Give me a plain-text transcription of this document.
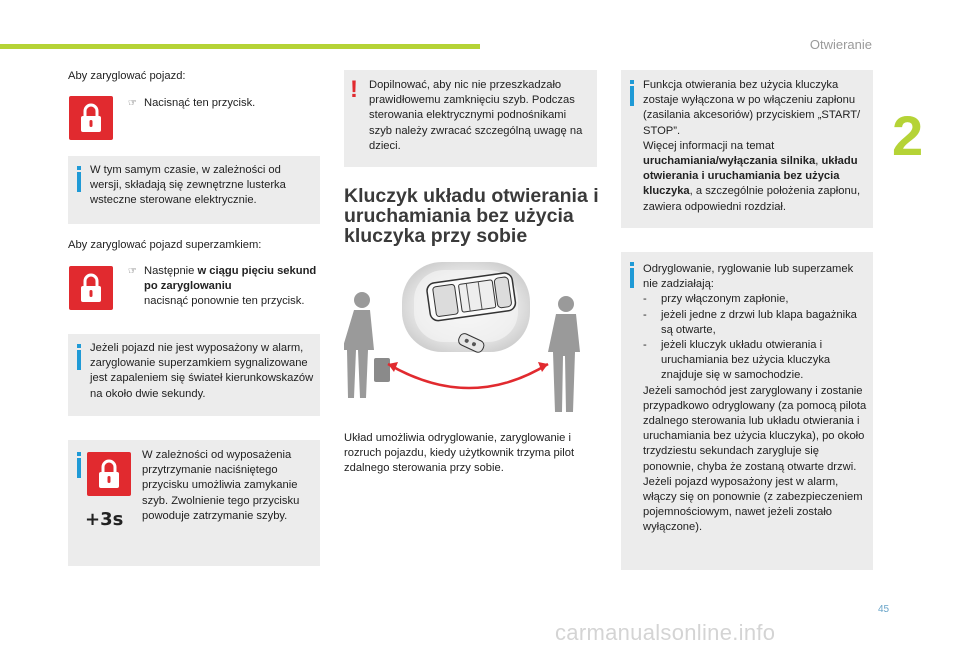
Otwieranie
2
45
carmanualsonline.info
Aby zaryglować pojazd:
☞ Nacisnąć ten przycisk.
W tym samym czasie, w zależności od wersji, składają się zewnętrzne lusterka wsteczne sterowane elektrycznie.
Aby zaryglować pojazd superzamkiem:
☞ Następnie w ciągu pięciu sekund po zaryglowaniu
nacisnąć ponownie ten przycisk.
Jeżeli pojazd nie jest wyposażony w alarm, zaryglowanie superzamkiem sygnalizowane jest zapaleniem się świateł kierunkowskazów na około dwie sekundy.
+3s
W zależności od wyposażenia przytrzymanie naciśniętego przycisku umożliwia zamykanie szyb. Zwolnienie tego przycisku powoduje zatrzymanie szyby.
! Dopilnować, aby nic nie przeszkadzało prawidłowemu zamknięciu szyb. Podczas sterowania elektrycznymi podnośnikami szyb należy zwracać szczególną uwagę na dzieci.
Kluczyk układu otwierania i uruchamiania bez użycia kluczyka przy sobie
Układ umożliwia odryglowanie, zaryglowanie i rozruch pojazdu, kiedy użytkownik trzyma pilot zdalnego sterowania przy sobie.
Funkcja otwierania bez użycia kluczyka zostaje wyłączona w po włączeniu zapłonu (zasilania akcesoriów) przyciskiem „START/ STOP”.
Więcej informacji na temat
uruchamiania/wyłączania silnika, układu otwierania i uruchamiania bez użycia kluczyka, a szczególnie położenia zapłonu, zawiera odpowiedni rozdział.
Odryglowanie, ryglowanie lub superzamek nie zadziałają:
-	przy włączonym zapłonie,
-	jeżeli jedne z drzwi lub klapa bagażnika są otwarte,
-	jeżeli kluczyk układu otwierania i uruchamiania bez użycia kluczyka znajduje się w samochodzie.
Jeżeli samochód jest zaryglowany i zostanie przypadkowo odryglowany (za pomocą pilota zdalnego sterowania lub układu otwierania i uruchamiania bez użycia kluczyka), po około trzydziestu sekundach zarygluje się ponownie, chyba że zostaną otwarte drzwi. Jeżeli pojazd wyposażony jest w alarm, włączy się on ponownie (z zabezpieczeniem pojemnościowym, nawet jeżeli zostało wyłączone).
